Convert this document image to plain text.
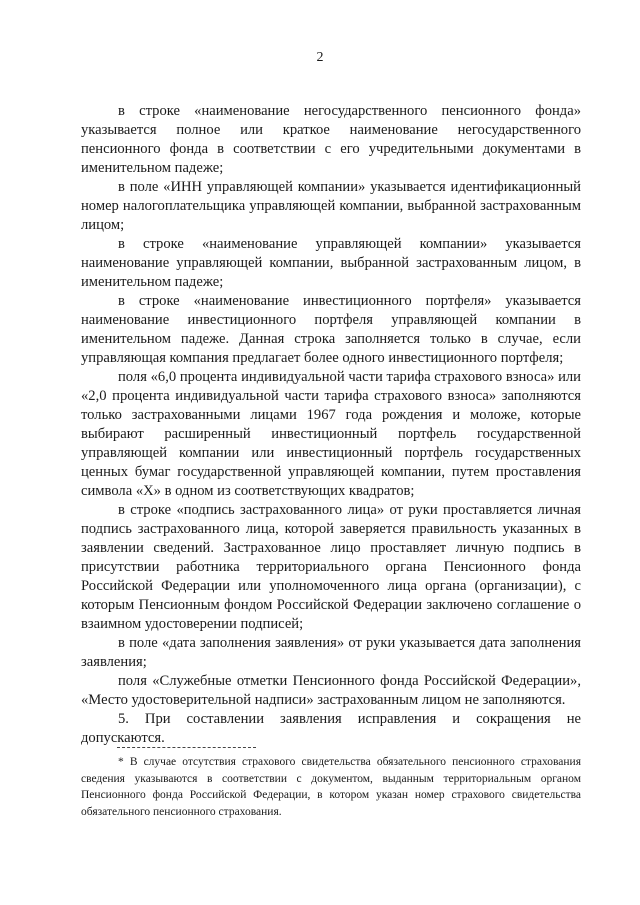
2

в строке «наименование негосударственного пенсионного фонда» указывается полное или краткое наименование негосударственного пенсионного фонда в соответствии с его учредительными документами в именительном падеже;

в поле «ИНН управляющей компании» указывается идентификационный номер налогоплательщика управляющей компании, выбранной застрахованным лицом;

в строке «наименование управляющей компании» указывается наименование управляющей компании, выбранной застрахованным лицом, в именительном падеже;

в строке «наименование инвестиционного портфеля» указывается наименование инвестиционного портфеля управляющей компании в именительном падеже. Данная строка заполняется только в случае, если управляющая компания предлагает более одного инвестиционного портфеля;

поля «6,0 процента индивидуальной части тарифа страхового взноса» или «2,0 процента индивидуальной части тарифа страхового взноса» заполняются только застрахованными лицами 1967 года рождения и моложе, которые выбирают расширенный инвестиционный портфель государственной управляющей компании или инвестиционный портфель государственных ценных бумаг государственной управляющей компании, путем проставления символа «X» в одном из соответствующих квадратов;

в строке «подпись застрахованного лица» от руки проставляется личная подпись застрахованного лица, которой заверяется правильность указанных в заявлении сведений. Застрахованное лицо проставляет личную подпись в присутствии работника территориального органа Пенсионного фонда Российской Федерации или уполномоченного лица органа (организации), с которым Пенсионным фондом Российской Федерации заключено соглашение о взаимном удостоверении подписей;

в поле «дата заполнения заявления» от руки указывается дата заполнения заявления;

поля «Служебные отметки Пенсионного фонда Российской Федерации», «Место удостоверительной надписи» застрахованным лицом не заполняются.

5. При составлении заявления исправления и сокращения не допускаются.

* В случае отсутствия страхового свидетельства обязательного пенсионного страхования сведения указываются в соответствии с документом, выданным территориальным органом Пенсионного фонда Российской Федерации, в котором указан номер страхового свидетельства обязательного пенсионного страхования.
